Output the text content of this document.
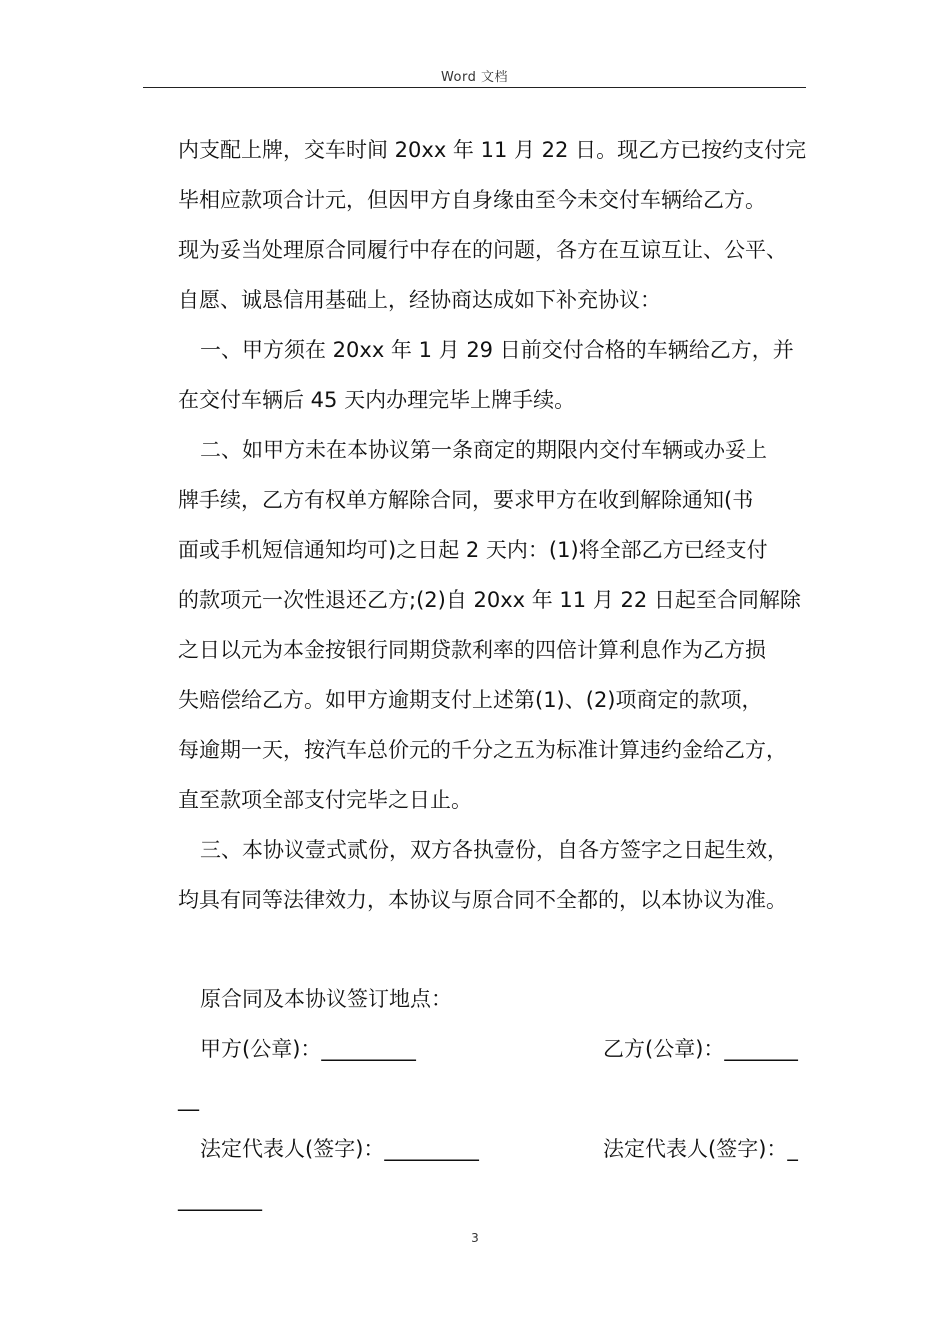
Word 文档
内支配上牌，交车时间 20xx 年 11 月 22 日。现乙方已按约支付完
毕相应款项合计元，但因甲方自身缘由至今未交付车辆给乙方。
现为妥当处理原合同履行中存在的问题，各方在互谅互让、公平、
自愿、诚恳信用基础上，经协商达成如下补充协议：
一、甲方须在 20xx 年 1 月 29 日前交付合格的车辆给乙方，并
在交付车辆后 45 天内办理完毕上牌手续。
二、如甲方未在本协议第一条商定的期限内交付车辆或办妥上
牌手续，乙方有权单方解除合同，要求甲方在收到解除通知(书
面或手机短信通知均可)之日起 2 天内：(1)将全部乙方已经支付
的款项元一次性退还乙方;(2)自 20xx 年 11 月 22 日起至合同解除
之日以元为本金按银行同期贷款利率的四倍计算利息作为乙方损
失赔偿给乙方。如甲方逾期支付上述第(1)、(2)项商定的款项，
每逾期一天，按汽车总价元的千分之五为标准计算违约金给乙方，
直至款项全部支付完毕之日止。
三、本协议壹式贰份，双方各执壹份，自各方签字之日起生效，
均具有同等法律效力，本协议与原合同不全都的，以本协议为准。
原合同及本协议签订地点：
甲方(公章)：_________	乙方(公章)：_______
__
法定代表人(签字)：_________	法定代表人(签字)：_
________
3
